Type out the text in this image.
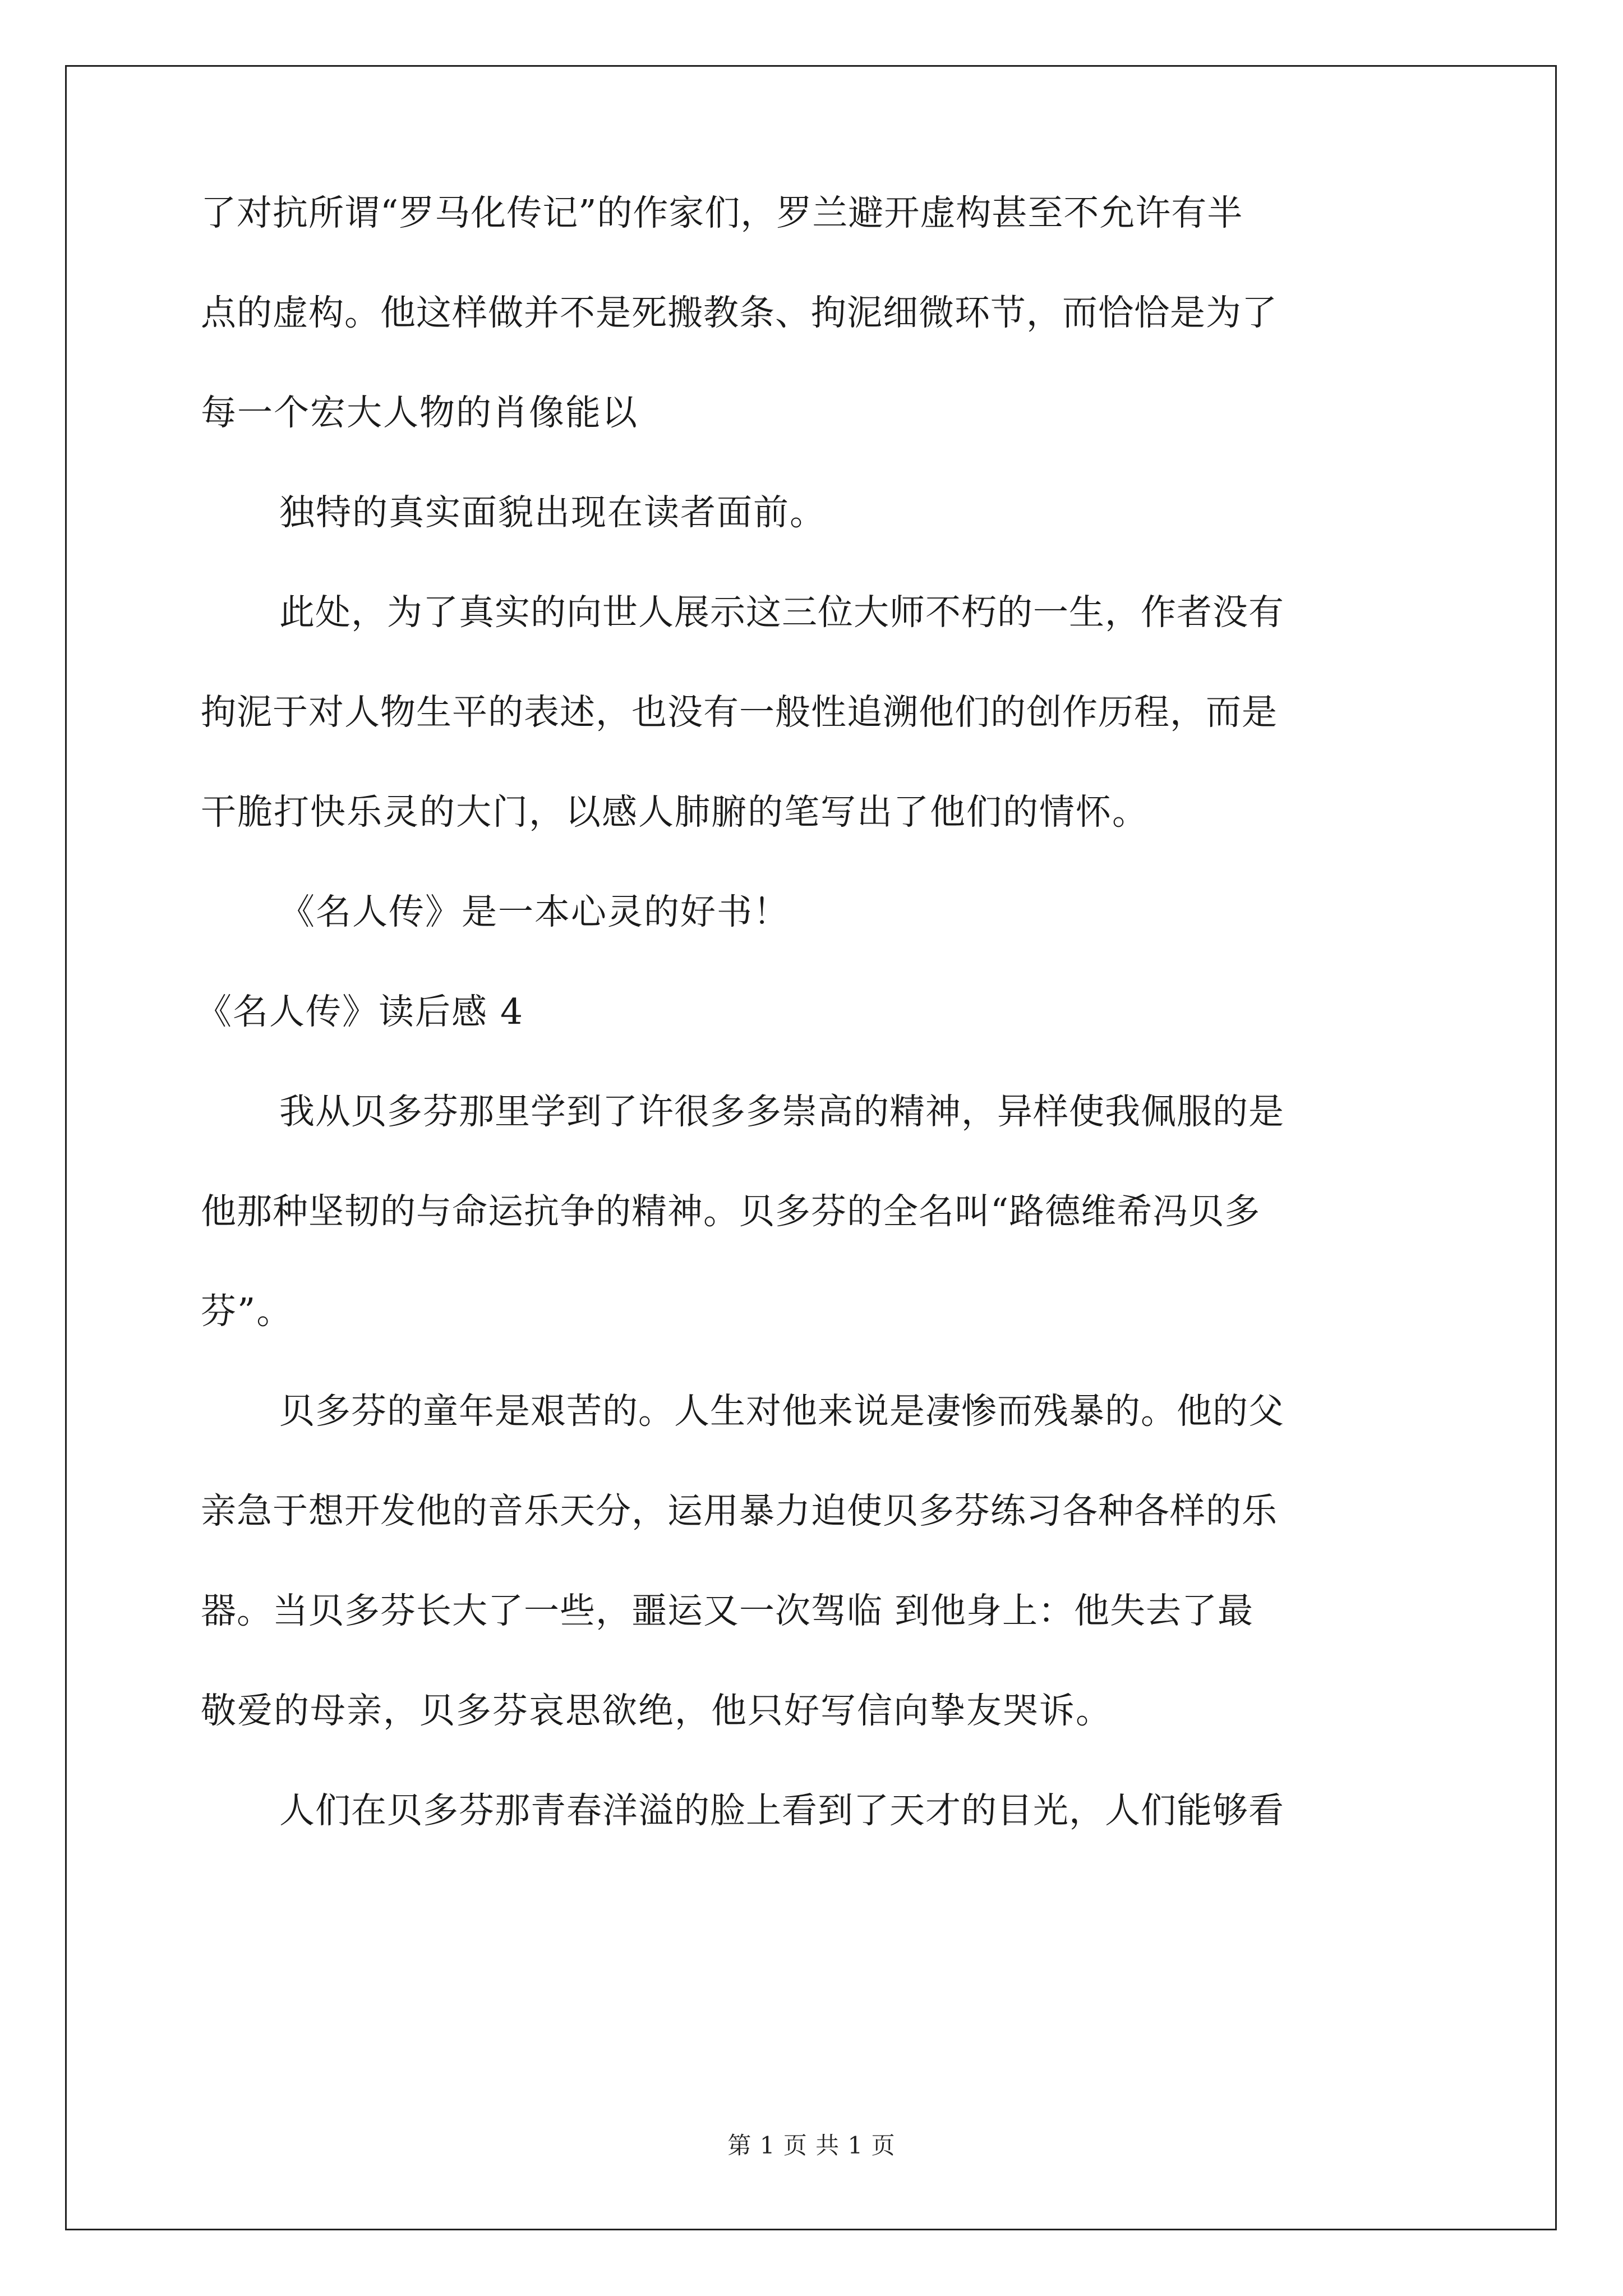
了对抗所谓“罗马化传记”的作家们，罗兰避开虚构甚至不允许有半
点的虚构。他这样做并不是死搬教条、拘泥细微环节，而恰恰是为了
每一个宏大人物的肖像能以
独特的真实面貌出现在读者面前。
此处，为了真实的向世人展示这三位大师不朽的一生，作者没有
拘泥于对人物生平的表述，也没有一般性追溯他们的创作历程，而是
干脆打快乐灵的大门，以感人肺腑的笔写出了他们的情怀。
《名人传》是一本心灵的好书！
《名人传》读后感 4
我从贝多芬那里学到了许很多多崇高的精神，异样使我佩服的是
他那种坚韧的与命运抗争的精神。贝多芬的全名叫“路德维希冯贝多
芬”。
贝多芬的童年是艰苦的。人生对他来说是凄惨而残暴的。他的父
亲急于想开发他的音乐天分，运用暴力迫使贝多芬练习各种各样的乐
器。当贝多芬长大了一些，噩运又一次驾临 到他身上：他失去了最
敬爱的母亲，贝多芬哀思欲绝，他只好写信向挚友哭诉。
人们在贝多芬那青春洋溢的脸上看到了天才的目光，人们能够看
第 1 页 共 1 页
